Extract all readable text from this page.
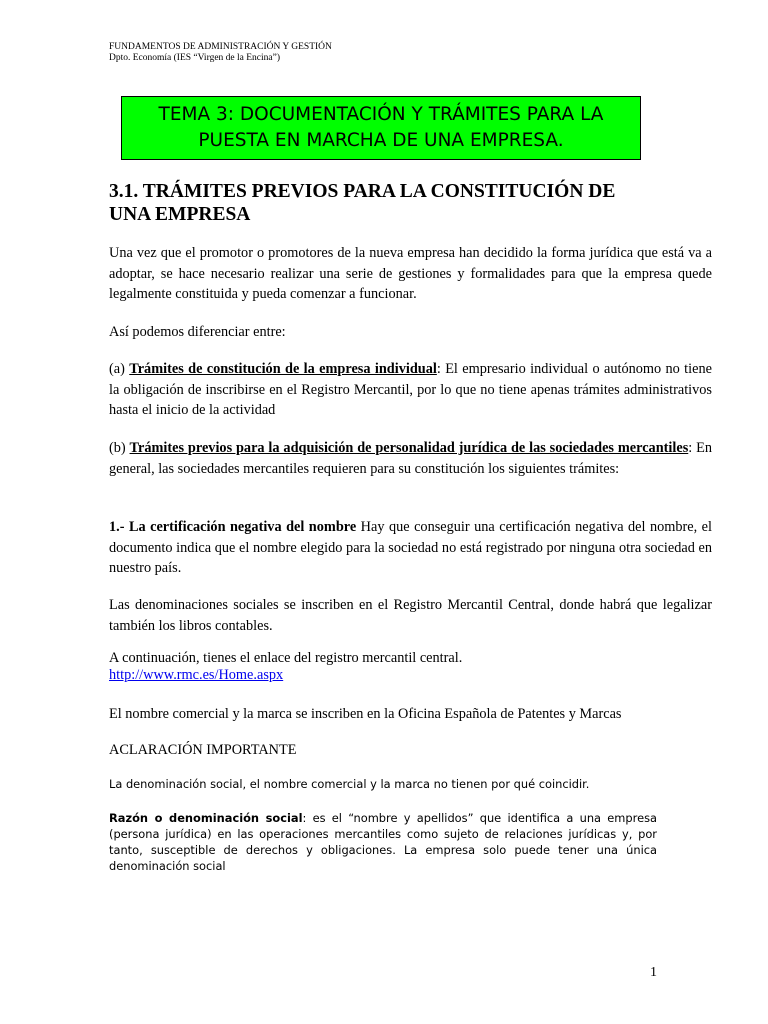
FUNDAMENTOS DE ADMINISTRACIÓN Y GESTIÓN
Dpto. Economía (IES “Virgen de la Encina”)
TEMA 3: DOCUMENTACIÓN Y TRÁMITES PARA LA
PUESTA EN MARCHA DE UNA EMPRESA.
3.1. TRÁMITES PREVIOS PARA LA CONSTITUCIÓN DE
UNA EMPRESA
Una vez que el promotor o promotores de la nueva empresa han decidido la forma jurídica que está va a adoptar, se hace necesario realizar una serie de gestiones y formalidades para que la empresa quede legalmente constituida y pueda comenzar a funcionar.
Así podemos diferenciar entre:
(a) Trámites de constitución de la empresa individual: El empresario individual o autónomo no tiene la obligación de inscribirse en el Registro Mercantil, por lo que no tiene apenas trámites administrativos hasta el inicio de la actividad
(b) Trámites previos para la adquisición de personalidad jurídica de las sociedades mercantiles: En general, las sociedades mercantiles requieren para su constitución los siguientes trámites:
1.- La certificación negativa del nombre Hay que conseguir una certificación negativa del nombre, el documento indica que el nombre elegido para la sociedad no está registrado por ninguna otra sociedad en nuestro país.
Las denominaciones sociales se inscriben en el Registro Mercantil Central, donde habrá que legalizar también los libros contables.
A continuación, tienes el enlace del registro mercantil central.
http://www.rmc.es/Home.aspx
El nombre comercial y la marca se inscriben en la Oficina Española de Patentes y Marcas
ACLARACIÓN IMPORTANTE
La denominación social, el nombre comercial y la marca no tienen por qué coincidir.
Razón o denominación social: es el “nombre y apellidos” que identifica a una empresa (persona jurídica) en las operaciones mercantiles como sujeto de relaciones jurídicas y, por tanto, susceptible de derechos y obligaciones. La empresa solo puede tener una única denominación social
1
